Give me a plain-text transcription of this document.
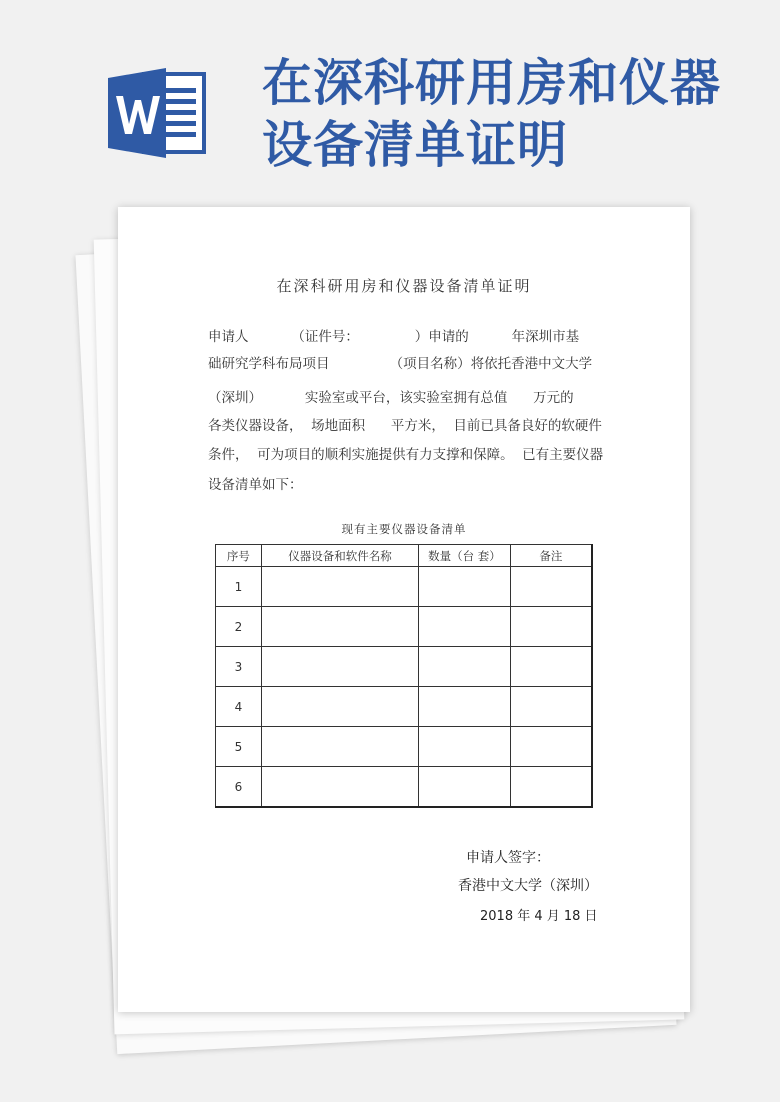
在深科研用房和仪器设备清单证明
在深科研用房和仪器设备清单证明
申请人          （证件号：             ）申请的          年深圳市基
础研究学科布局项目              （项目名称）将依托香港中文大学
（深圳）          实验室或平台，该实验室拥有总值      万元的
各类仪器设备，  场地面积      平方米，  目前已具备良好的软硬件
条件，  可为项目的顺利实施提供有力支撑和保障。  已有主要仪器
设备清单如下：
现有主要仪器设备清单
序号	仪器设备和软件名称	数量（台 套）	备注
1			
2			
3			
4			
5			
6			
申请人签字：
香港中文大学（深圳）
2018 年 4 月 18 日
